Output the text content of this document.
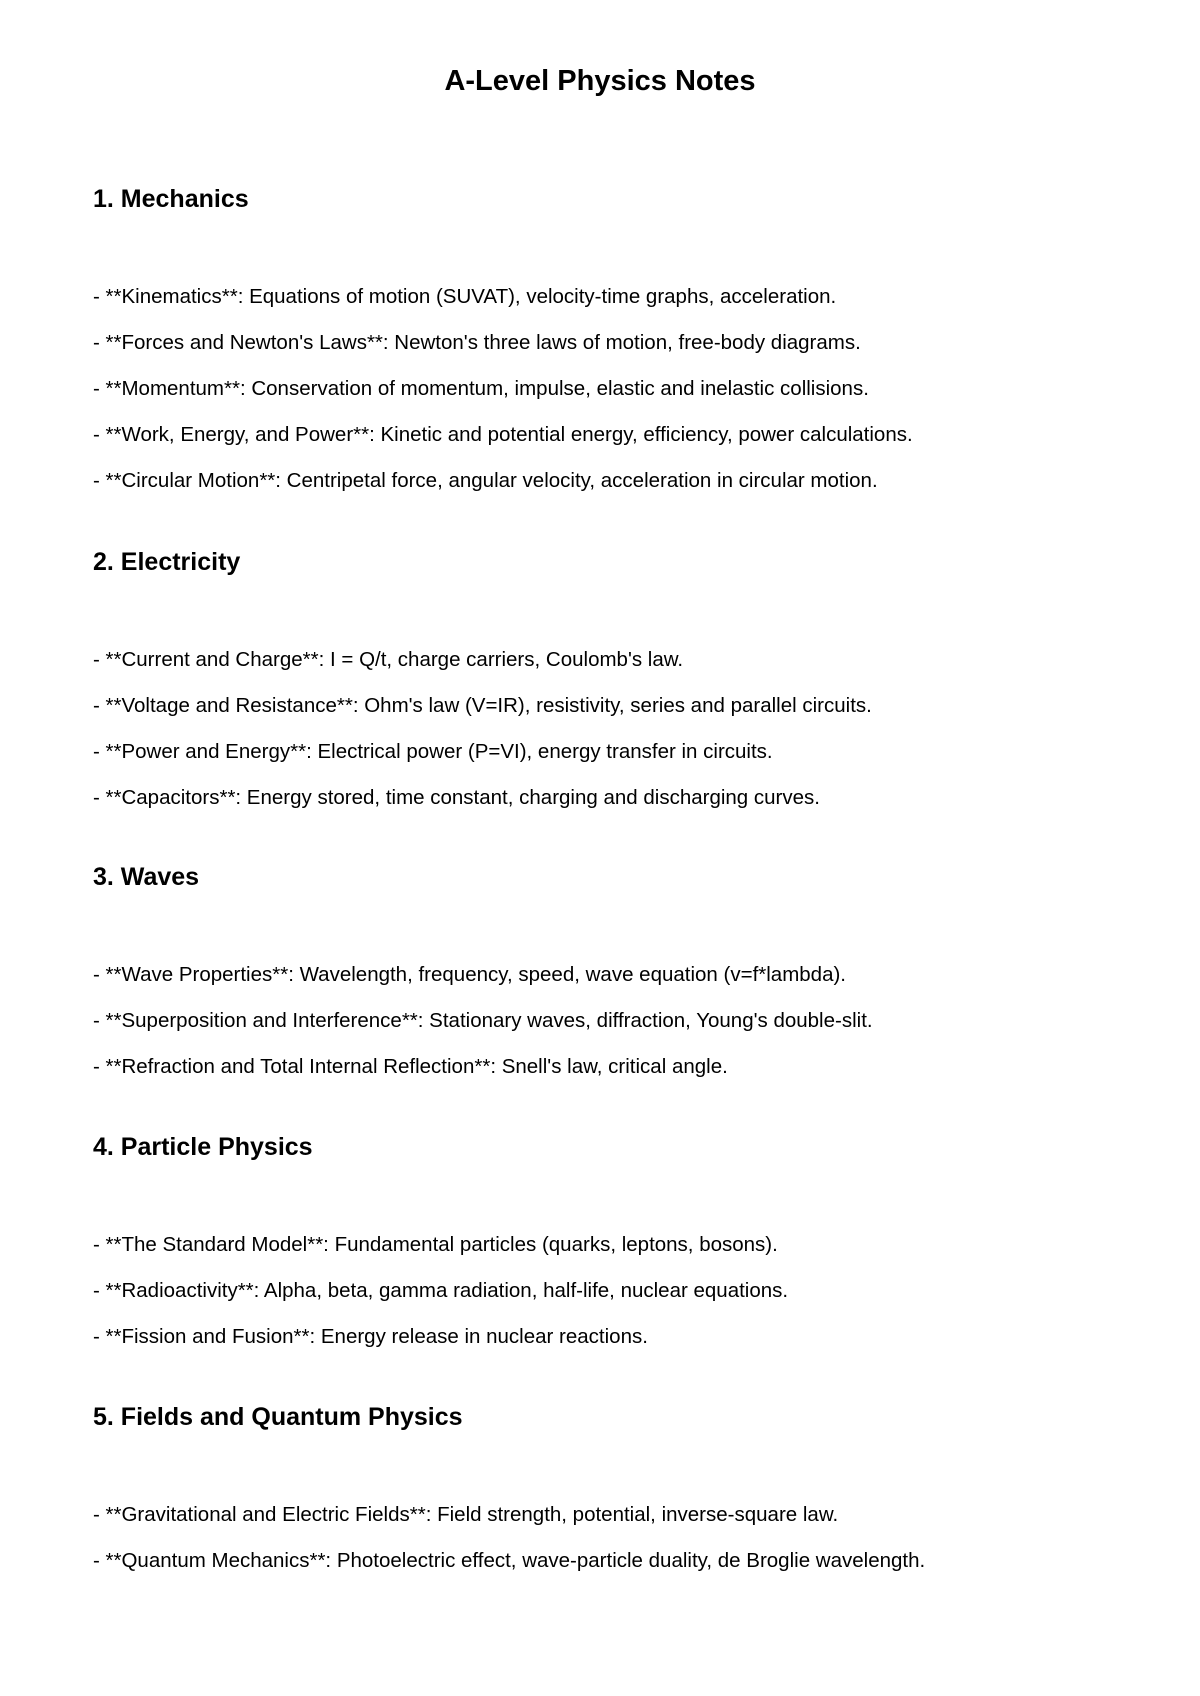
A-Level Physics Notes
1. Mechanics
- **Kinematics**: Equations of motion (SUVAT), velocity-time graphs, acceleration.
- **Forces and Newton's Laws**: Newton's three laws of motion, free-body diagrams.
- **Momentum**: Conservation of momentum, impulse, elastic and inelastic collisions.
- **Work, Energy, and Power**: Kinetic and potential energy, efficiency, power calculations.
- **Circular Motion**: Centripetal force, angular velocity, acceleration in circular motion.
2. Electricity
- **Current and Charge**: I = Q/t, charge carriers, Coulomb's law.
- **Voltage and Resistance**: Ohm's law (V=IR), resistivity, series and parallel circuits.
- **Power and Energy**: Electrical power (P=VI), energy transfer in circuits.
- **Capacitors**: Energy stored, time constant, charging and discharging curves.
3. Waves
- **Wave Properties**: Wavelength, frequency, speed, wave equation (v=f*lambda).
- **Superposition and Interference**: Stationary waves, diffraction, Young's double-slit.
- **Refraction and Total Internal Reflection**: Snell's law, critical angle.
4. Particle Physics
- **The Standard Model**: Fundamental particles (quarks, leptons, bosons).
- **Radioactivity**: Alpha, beta, gamma radiation, half-life, nuclear equations.
- **Fission and Fusion**: Energy release in nuclear reactions.
5. Fields and Quantum Physics
- **Gravitational and Electric Fields**: Field strength, potential, inverse-square law.
- **Quantum Mechanics**: Photoelectric effect, wave-particle duality, de Broglie wavelength.
